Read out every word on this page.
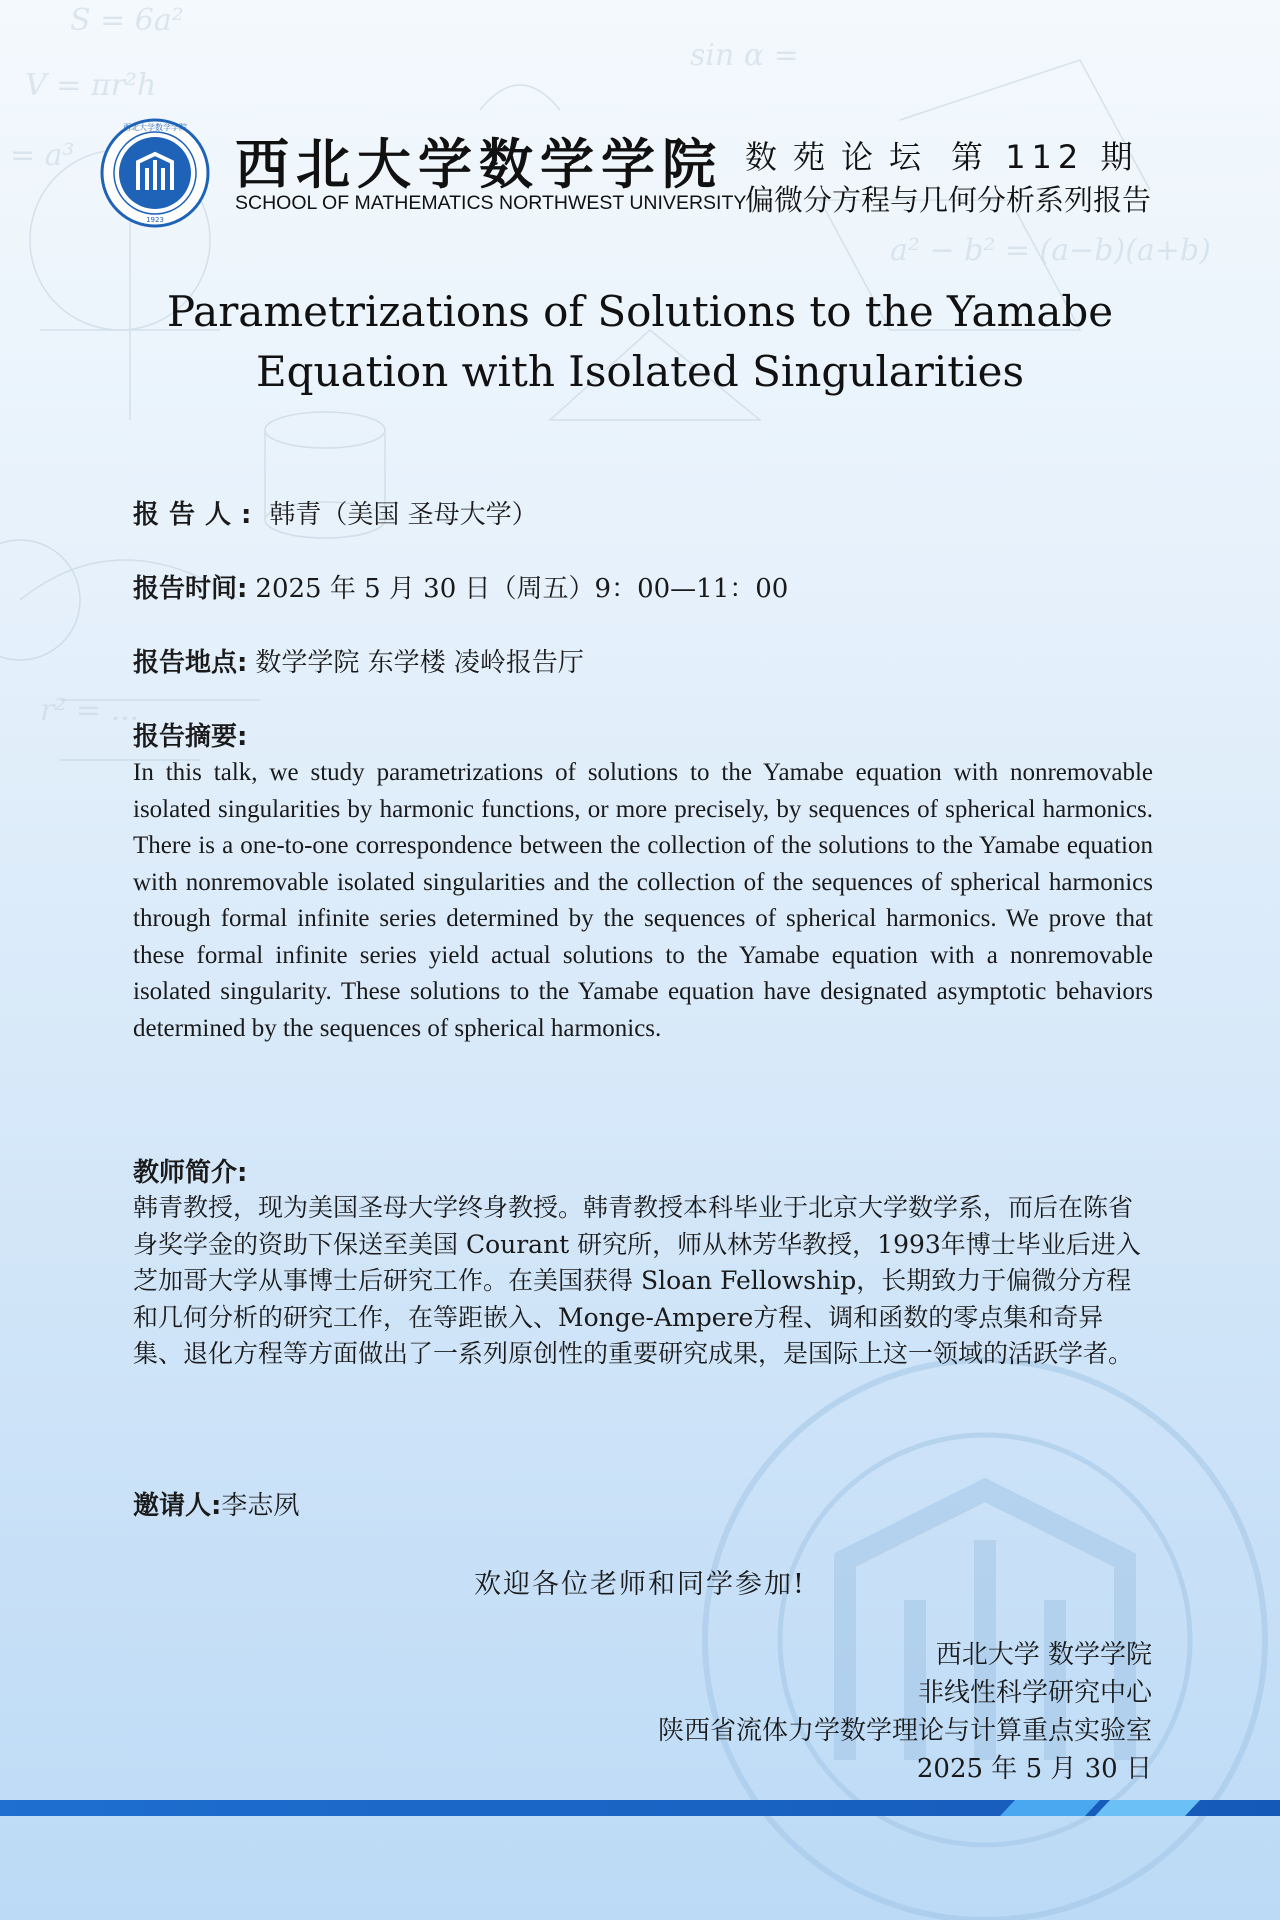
S = 6a²
V = πr²h
sin α =
a² − b² = (a−b)(a+b)
= a³
r² = ...
西北大学数学学院
1923
西北大学数学学院
SCHOOL OF MATHEMATICS NORTHWEST UNIVERSITY
数苑论坛 第 112 期
偏微分方程与几何分析系列报告
Parametrizations of Solutions to the Yamabe Equation with Isolated Singularities
报告人: 韩青（美国 圣母大学）
报告时间: 2025 年 5 月 30 日（周五）9：00—11：00
报告地点: 数学学院 东学楼 凌岭报告厅
报告摘要:
In this talk, we study parametrizations of solutions to the Yamabe equation with nonremovable isolated singularities by harmonic functions, or more precisely, by sequences of spherical harmonics. There is a one-to-one correspondence between the collection of the solutions to the Yamabe equation with nonremovable isolated singularities and the collection of the sequences of spherical harmonics through formal infinite series determined by the sequences of spherical harmonics. We prove that these formal infinite series yield actual solutions to the Yamabe equation with a nonremovable isolated singularity. These solutions to the Yamabe equation have designated asymptotic behaviors determined by the sequences of spherical harmonics.
教师简介:
韩青教授，现为美国圣母大学终身教授。韩青教授本科毕业于北京大学数学系，而后在陈省身奖学金的资助下保送至美国 Courant 研究所，师从林芳华教授，1993年博士毕业后进入芝加哥大学从事博士后研究工作。在美国获得 Sloan Fellowship，长期致力于偏微分方程和几何分析的研究工作，在等距嵌入、Monge-Ampere方程、调和函数的零点集和奇异集、退化方程等方面做出了一系列原创性的重要研究成果，是国际上这一领域的活跃学者。
邀请人:李志夙
欢迎各位老师和同学参加!
西北大学 数学学院
非线性科学研究中心
陕西省流体力学数学理论与计算重点实验室
2025 年 5 月 30 日
